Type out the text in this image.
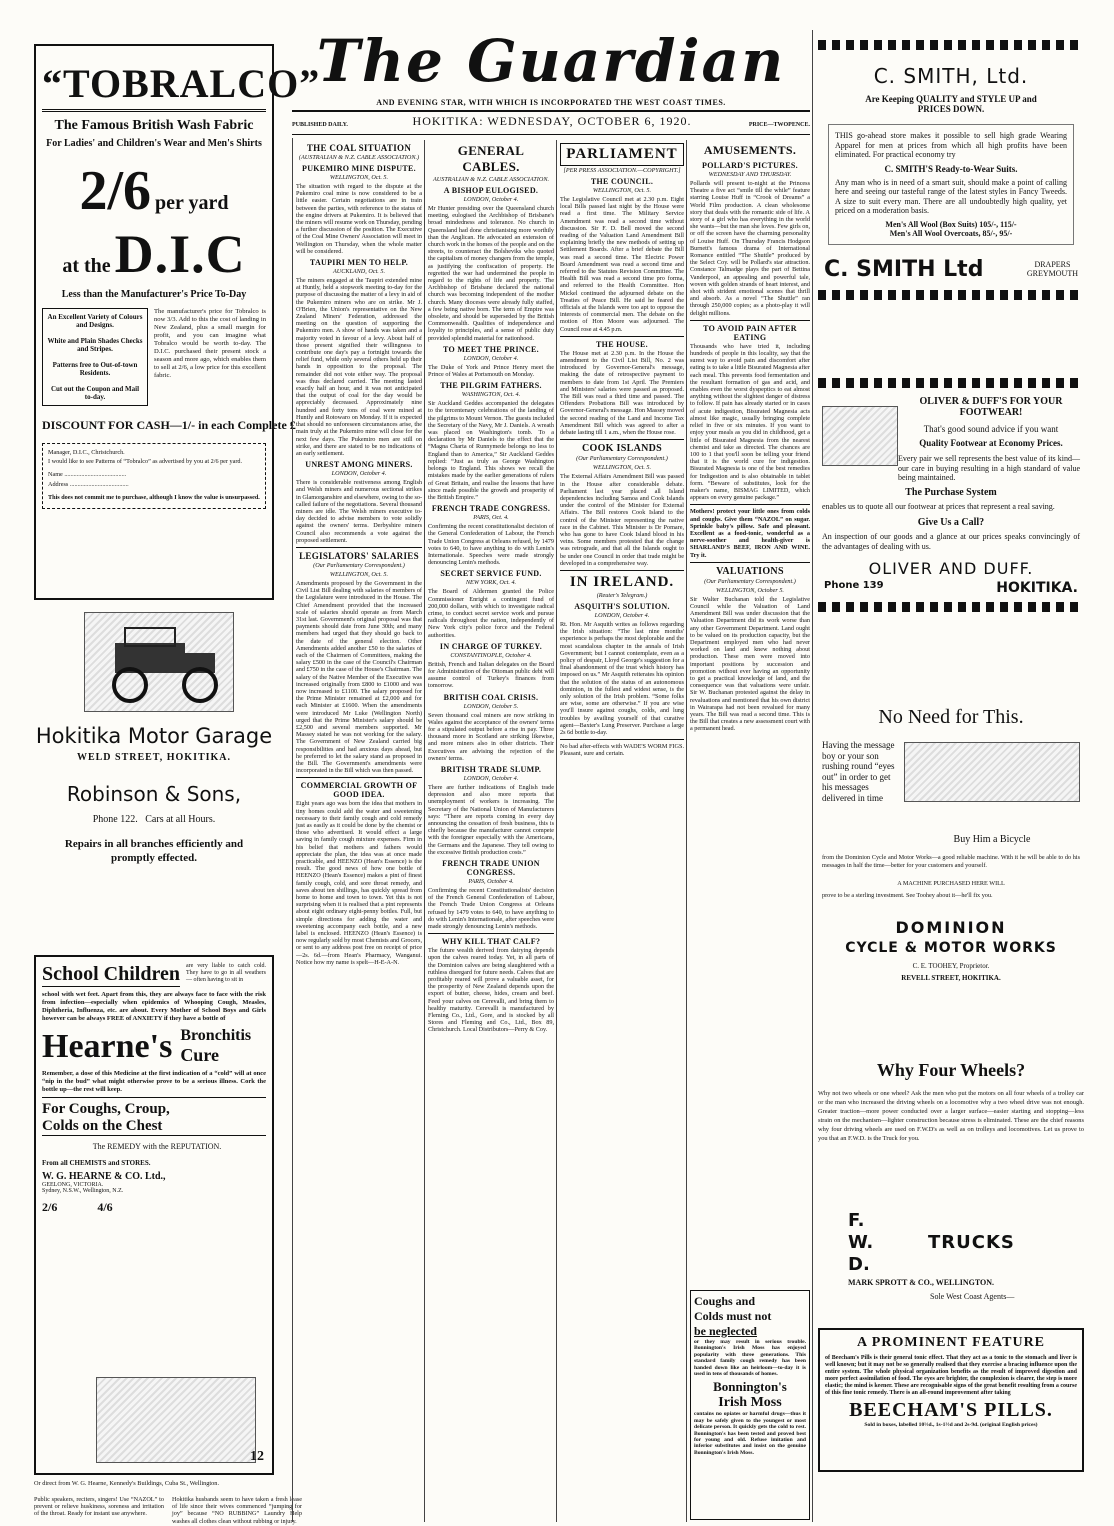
The Guardian
AND EVENING STAR, WITH WHICH IS INCORPORATED THE WEST COAST TIMES.
PUBLISHED DAILY.	HOKITIKA: WEDNESDAY, OCTOBER 6, 1920.	PRICE—TWOPENCE.
“TOBRALCO”
The Famous British Wash Fabric
For Ladies' and Children's Wear and Men's Shirts
2/6 per yard
at the D.I.C
Less than the Manufacturer's Price To-Day
An Excellent Variety of Colours and Designs.
White and Plain Shades Checks and Stripes.
Patterns free to Out-of-town Residents.
Cut out the Coupon and Mail to-day.
The manufacturer's price for Tobralco is now 3/3. Add to this the cost of landing in New Zealand, plus a small margin for profit, and you can imagine what Tobralco would be worth to-day. The D.I.C. purchased their present stock a season and more ago, which enables them to sell at 2/6, a low price for this excellent fabric.
DISCOUNT FOR CASH—1/- in each Complete £
Manager, D.I.C., Christchurch.
I would like to see Patterns of “Tobralco” as advertised by you at 2/6 per yard.
Name ........................................
Address ......................................
This does not commit me to purchase, although I know the value is unsurpassed.
Hokitika Motor Garage
WELD STREET, HOKITIKA.
Robinson & Sons,
Phone 122. Cars at all Hours.
Repairs in all branches efficiently and promptly effected.
School Children are very liable to catch cold. They have to go in all weathers— often having to sit in
school with wet feet. Apart from this, they are always face to face with the risk from infection—especially when epidemics of Whooping Cough, Measles, Diphtheria, Influenza, etc. are about. Every Mother of School Boys and Girls however can be always FREE of ANXIETY if they have a bottle of
Hearne's Bronchitis
Cure
Remember, a dose of this Medicine at the first indication of a “cold” will at once “nip in the bud” what might otherwise prove to be a serious illness. Cork the bottle up—the rest will keep.
For Coughs, Croup,
Colds on the Chest
The REMEDY with the REPUTATION.
From all CHEMISTS and STORES.
W. G. HEARNE & CO. Ltd.,
GEELONG, VICTORIA.
Sydney, N.S.W., Wellington, N.Z.
2/6	4/6
12
Or direct from W. G. Hearne, Kennedy's Buildings, Cuba St., Wellington.
Public speakers, reciters, singers! Use “NAZOL” to prevent or relieve huskiness, soreness and irritation of the throat. Ready for instant use anywhere.
Hokitika husbands seem to have taken a fresh lease of life since their wives commenced “jumping for joy” because “NO RUBBING” Laundry Help washes all clothes clean without rubbing or injury.
THE COAL SITUATION
(AUSTRALIAN & N.Z. CABLE ASSOCIATION.)
PUKEMIRO MINE DISPUTE.
WELLINGTON, Oct. 5.

The situation with regard to the dispute at the Pukemiro coal mine is now considered to be a little easier. Certain negotiations are in train between the parties, with reference to the status of the engine drivers at Pukemiro. It is believed that the miners will resume work on Thursday, pending a further discussion of the position. The Executive of the Coal Mine Owners' Association will meet in Wellington on Thursday, when the whole matter will be considered.

TAUPIRI MEN TO HELP.
AUCKLAND, Oct. 5.

The miners engaged at the Taupiri extended mine at Huntly, held a stopwork meeting to-day for the purpose of discussing the matter of a levy in aid of the Pukemiro miners who are on strike. Mr J. O'Brien, the Union's representative on the New Zealand Miners' Federation, addressed the meeting on the question of supporting the Pukemiro men. A show of hands was taken and a majority voted in favour of a levy. About half of those present signified their willingness to contribute one day's pay a fortnight towards the relief fund, while only several others held up their hands in opposition to the proposal. The remainder did not vote either way. The proposal was thus declared carried. The meeting lasted exactly half an hour, and it was not anticipated that the output of coal for the day would be appreciably decreased. Approximately nine hundred and forty tons of coal were mined at Huntly and Rotowaro on Monday. If it is expected that should no unforeseen circumstances arise, the main truly at the Pukemiro mine will close for the next few days. The Pukemiro men are still on strike, and there are stated to be no indications of an early settlement.

UNREST AMONG MINERS.
LONDON, October 4.

There is considerable restiveness among English and Welsh miners and numerous sectional strikes in Glamorganshire and elsewhere, owing to the so-called failure of the negotiations. Several thousand miners are idle. The Welsh miners executive to-day decided to advise members to vote solidly against the owners' terms. Derbyshire miners Council also recommends a vote against the proposed settlement.

LEGISLATORS' SALARIES
(Our Parliamentary Correspondent.)
WELLINGTON, Oct. 5.

Amendments proposed by the Government in the Civil List Bill dealing with salaries of members of the Legislature were introduced in the House. The Chief Amendment provided that the increased scale of salaries should operate as from March 31st last. Government's original proposal was that payments should date from June 30th; and many members had urged that they should go back to the date of the general election. Other Amendments added another £50 to the salaries of each of the Chairmen of Committees, making the salary £500 in the case of the Council's Chairman and £750 in the case of the House's Chairman. The salary of the Native Member of the Executive was increased originally from £800 to £1000 and was now increased to £1100. The salary proposed for the Prime Minister remained at £2,000 and for each Minister at £1600. When the amendments were introduced Mr Luke (Wellington North) urged that the Prime Minister's salary should be £2,500 and several members supported. Mr Massey stated he was not working for the salary. The Government of New Zealand carried big responsibilities and had anxious days ahead, but he preferred to let the salary stand as proposed in the Bill. The Government's amendments were incorporated in the Bill which was then passed.

COMMERCIAL GROWTH OF GOOD IDEA.

Eight years ago was born the idea that mothers in tiny homes could add the water and sweetening necessary to their family cough and cold remedy just as easily as it could be done by the chemist or those who advertised. It would effect a large saving in family cough mixture expenses. Firm in his belief that mothers and fathers would appreciate the plan, the idea was at once made practicable, and HEENZO (Hean's Essence) is the result. The good news of how one bottle of HEENZO (Hean's Essence) makes a pint of finest family cough, cold, and sore throat remedy, and saves about ten shillings, has quickly spread from home to home and town to town. Yet this is not surprising when it is realised that a pint represents about eight ordinary eight-penny bottles. Full, but simple directions for adding the water and sweetening accompany each bottle, and a new label is enclosed. HEENZO (Hean's Essence) is now regularly sold by most Chemists and Grocers, or sent to any address post free on receipt of price—2s. 6d.—from Hean's Pharmacy, Wanganui. Notice how my name is spelt—H-E-A-N.

GENERAL CABLES.
AUSTRALIAN & N.Z. CABLE ASSOCIATION.
A BISHOP EULOGISED.
LONDON, October 4.

Mr Hunter presiding over the Queensland church meeting, eulogised the Archbishop of Brisbane's broad mindedness and tolerance. No church in Queensland had done christianising more worthily than the Anglican. He advocated an extension of church work in the homes of the people and on the streets, to counteract the Bolsheviks who quoted the capitalism of money changers from the temple, as justifying the confiscation of property. He regretted the war had undermined the people in regard to the rights of life and property. The Archbishop of Brisbane declared the national church was becoming independent of the mother church. Many dioceses were already fully staffed, a few being native born. The term of Empire was obsolete, and should be superseded by the British Commonwealth. Qualities of independence and loyalty to principles, and a sense of public duty provided splendid material for nationhood.

TO MEET THE PRINCE.
LONDON, October 4.

The Duke of York and Prince Henry meet the Prince of Wales at Portsmouth on Monday.

THE PILGRIM FATHERS.
WASHINGTON, Oct. 4.

Sir Auckland Geddes accompanied the delegates to the tercentenary celebrations of the landing of the pilgrims to Mount Vernon. The guests included the Secretary of the Navy, Mr J. Daniels. A wreath was placed on Washington's tomb. To a declaration by Mr Daniels to the effect that the “Magna Charta of Runnymede belongs no less to England than to America,” Sir Auckland Geddes replied: “Just as truly as George Washington belongs to England. This shows we recall the mistakes made by the earlier generations of rulers of Great Britain, and realise the lessons that have since made possible the growth and prosperity of the British Empire.”

FRENCH TRADE CONGRESS.
PARIS, Oct. 4.

Confirming the recent constitutionalist decision of the General Confederation of Labour, the French Trade Union Congress at Orleans refused, by 1479 votes to 640, to have anything to do with Lenin's Internationale. Speeches were made strongly denouncing Lenin's methods.

SECRET SERVICE FUND.
NEW YORK, Oct. 4.

The Board of Aldermen granted the Police Commissioner Enright a contingent fund of 200,000 dollars, with which to investigate radical crime, to conduct secret service work and pursue radicals throughout the nation, independently of New York city's police force and the Federal authorities.

IN CHARGE OF TURKEY.
CONSTANTINOPLE, October 4.

British, French and Italian delegates on the Board for Administration of the Ottoman public debt will assume control of Turkey's finances from tomorrow.

BRITISH COAL CRISIS.
LONDON, October 5.

Seven thousand coal miners are now striking in Wales against the acceptance of the owners' terms for a stipulated output before a rise in pay. Three thousand more in Scotland are striking likewise, and more miners also in other districts. Their Executives are advising the rejection of the owners' terms.

BRITISH TRADE SLUMP.
LONDON, October 4.

There are further indications of English trade depression and also more reports that unemployment of workers is increasing. The Secretary of the National Union of Manufacturers says: “There are reports coming in every day announcing the cessation of fresh business, this is chiefly because the manufacturer cannot compete with the foreigner especially with the Americans, the Germans and the Japanese. They tell owing to the excessive British production costs.”

FRENCH TRADE UNION CONGRESS.
PARIS, October 4.

Confirming the recent Constitutionalists' decision of the French General Confederation of Labour, the French Trade Union Congress at Orleans refused by 1479 votes to 640, to have anything to do with Lenin's Internationale, after speeches were made strongly denouncing Lenin's methods.

WHY KILL THAT CALF?

The future wealth derived from dairying depends upon the calves reared today. Yet, in all parts of the Dominion calves are being slaughtered with a ruthless disregard for future needs. Calves that are profitably reared will prove a valuable asset, for the prosperity of New Zealand depends upon the export of butter, cheese, hides, cream and beef. Feed your calves on Cerevalli, and bring them to healthy maturity. Cerevalli is manufactured by Fleming Co., Ltd., Gore, and is stocked by all Stores and Fleming and Co., Ltd., Box 89, Christchurch. Local Distributors—Perry & Coy.

PARLIAMENT
[PER PRESS ASSOCIATION.—COPYRIGHT.]
THE COUNCIL.
WELLINGTON, Oct. 5.

The Legislative Council met at 2.30 p.m. Eight local Bills passed last night by the House were read a first time. The Military Service Amendment was read a second time without discussion. Sir F. D. Bell moved the second reading of the Valuation Land Amendment Bill explaining briefly the new methods of setting up Settlement Boards. After a brief debate the Bill was read a second time. The Electric Power Board Amendment was read a second time and referred to the Statutes Revision Committee. The Health Bill was read a second time pro forma, and referred to the Health Committee. Hon Mickel continued the adjourned debate on the Treaties of Peace Bill. He said he feared the officials at the Islands were too apt to oppose the interests of commercial men. The debate on the motion of Hon Moore was adjourned. The Council rose at 4.45 p.m.

THE HOUSE.

The House met at 2.30 p.m. In the House the amendment to the Civil List Bill, No. 2 was introduced by Governor-General's message, making the date of retrospective payment to members to date from 1st April. The Premiers and Ministers' salaries were passed as proposed. The Bill was read a third time and passed. The Offenders Probations Bill was introduced by Governor-General's message. Hon Massey moved the second reading of the Land and Income Tax Amendment Bill which was agreed to after a debate lasting till 1 a.m., when the House rose.

COOK ISLANDS
(Our Parliamentary Correspondent.)
WELLINGTON, Oct. 5.

The External Affairs Amendment Bill was passed in the House after considerable debate. Parliament last year placed all Island dependencies including Samoa and Cook Islands under the control of the Minister for External Affairs. The Bill restores Cook Island to the control of the Minister representing the native race in the Cabinet. This Minister is Dr Pomare, who has gone to have Cook Island blood in his veins. Some members protested that the change was retrograde, and that all the Islands ought to be under one Council in order that trade might be developed in a comprehensive way.

IN IRELAND.
(Reuter's Telegram.)
ASQUITH'S SOLUTION.
LONDON, October 4.

Rt. Hon. Mr Asquith writes as follows regarding the Irish situation: “The last nine months' experience is perhaps the most deplorable and the most scandalous chapter in the annals of Irish Government; but I cannot contemplate, even as a policy of despair, Lloyd George's suggestion for a final abandonment of the trust which history has imposed on us.” Mr Asquith reiterates his opinion that the solution of the status of an autonomous dominion, in the fullest and widest sense, is the only solution of the Irish problem. “Some folks are wise, some are otherwise.” If you are wise you'll insure against coughs, colds, and lung troubles by availing yourself of that curative agent—Baxter's Lung Preserver. Purchase a large 2s 6d bottle to-day.

No bad after-effects with WADE'S WORM FIGS. Pleasant, sure and certain.

AMUSEMENTS.
POLLARD'S PICTURES.
WEDNESDAY AND THURSDAY.

Pollards will present to-night at the Princess Theatre a five act “smile till the while” feature starring Louise Huff in “Crook of Dreams” a World Film production. A clean wholesome story that deals with the romantic side of life. A story of a girl who has everything in the world she wants—but the man she loves. Few girls on, or off the screen have the charming personality of Louise Huff. On Thursday Francis Hodgson Burnett's famous drama of International Romance entitled “The Shuttle” produced by the Select Coy. will be Pollard's star attraction. Constance Talmadge plays the part of Bettina Vanderpool, an appealing and powerful tale, woven with golden strands of heart interest, and shot with strident emotional scenes that thrill and absorb. As a novel “The Shuttle” ran through 250,000 copies; as a photo-play it will delight millions.

TO AVOID PAIN AFTER EATING

Thousands who have tried it, including hundreds of people in this locality, say that the surest way to avoid pain and discomfort after eating is to take a little Bisurated Magnesia after each meal. This prevents food fermentation and the resultant formation of gas and acid, and enables even the worst dyspeptics to eat almost anything without the slightest danger of distress to follow. If pain has already started or in cases of acute indigestion, Bisurated Magnesia acts almost like magic, usually bringing complete relief in five or six minutes. If you want to enjoy your meals as you did in childhood, get a little of Bisurated Magnesia from the nearest chemist and take as directed. The chances are 100 to 1 that you'll soon be telling your friend that it is the world cure for indigestion. Bisurated Magnesia is one of the best remedies for Indigestion and is also obtainable in tablet form. “Beware of substitutes, look for the maker's name, BISMAG LIMITED, which appears on every genuine package.”

Mothers! protect your little ones from colds and coughs. Give them “NAZOL” on sugar. Sprinkle baby's pillow. Safe and pleasant. Excellent as a food-tonic, wonderful as a nerve-soother and health-giver is SHARLAND'S BEEF, IRON AND WINE. Try it.

VALUATIONS
(Our Parliamentary Correspondent.)
WELLINGTON, October 5.

Sir Walter Buchanan told the Legislative Council while the Valuation of Land Amendment Bill was under discussion that the Valuation Department did its work worse than any other Government Department. Land ought to be valued on its production capacity, but the Department employed men who had never worked on land and knew nothing about production. These men were moved into important positions by succession and promotion without ever having an opportunity to get a practical knowledge of land, and the consequence was that valuations were unfair. Sir W. Buchanan protested against the delay in revaluations and mentioned that his own district in Wairarapa had not been revalued for many years. The Bill was read a second time. This is the Bill that creates a new assessment court with a permanent head.

Coughs and
Colds must not
be neglected

or they may result in serious trouble. Bonnington's Irish Moss has enjoyed popularity with three generations. This standard family cough remedy has been handed down like an heirloom—to-day it is used in tens of thousands of homes.

Bonnington's
Irish Moss

contains no opiates or harmful drugs—thus it may be safely given to the youngest or most delicate person. It quickly gets the cold to rest. Bonnington's has been tested and proved best for young and old. Refuse imitation and inferior substitutes and insist on the genuine Bonnington's Irish Moss.

C. SMITH, Ltd.
Are Keeping QUALITY and STYLE UP and PRICES DOWN.

THIS go-ahead store makes it possible to sell high grade Wearing Apparel for men at prices from which all high profits have been eliminated. For practical economy try

C. SMITH'S Ready-to-Wear Suits.

Any man who is in need of a smart suit, should make a point of calling here and seeing our tasteful range of the latest styles in Fancy Tweeds. A size to suit every man. There are all undoubtedly high quality, yet priced on a moderation basis.

Men's All Wool (Box Suits) 105/-, 115/-
Men's All Wool Overcoats, 85/-, 95/-
C. SMITH Ltd	DRAPERS
GREYMOUTH
OLIVER & DUFF'S FOR YOUR FOOTWEAR!
That's good sound advice if you want
Quality Footwear at Economy Prices.

Every pair we sell represents the best value of its kind—our care in buying resulting in a high standard of value being maintained.

The Purchase System

enables us to quote all our footwear at prices that represent a real saving.

Give Us a Call?

An inspection of our goods and a glance at our prices speaks convincingly of the advantages of dealing with us.

OLIVER AND DUFF.
Phone 139	HOKITIKA.
No Need for This.
Having the message boy or your son rushing round “eyes out” in order to get his messages delivered in time
Buy Him a Bicycle

from the Dominion Cycle and Motor Works—a good reliable machine. With it he will be able to do his messages in half the time—better for your customers and yourself.

A MACHINE PURCHASED HERE WILL

prove to be a sterling investment. See Toohey about it—he'll fix you.

DOMINION
CYCLE & MOTOR WORKS
C. E. TOOHEY, Proprietor.
REVELL STREET, HOKITIKA.
Why Four Wheels?

Why not two wheels or one wheel? Ask the men who put the motors on all four wheels of a trolley car or the man who increased the driving wheels on a locomotive why a two wheel drive was not enough. Greater traction—more power conducted over a larger surface—easier starting and stopping—less strain on the mechanism—lighter construction because stress is eliminated. These are the chief reasons why four driving wheels are used on F.W.D's as well as on trolleys and locomotives. Let us prove to you that an F.W.D. is the Truck for you.

F.
W.
D.
TRUCKS
MARK SPROTT & CO., WELLINGTON.
Sole West Coast Agents—
A PROMINENT FEATURE

of Beecham's Pills is their general tonic effect. That they act as a tonic to the stomach and liver is well known; but it may not be so generally realised that they exercise a bracing influence upon the entire system. The whole physical organization benefits as the result of improved digestion and more perfect assimilation of food. The eyes are brighter, the complexion is clearer, the step is more elastic; the mind is keener. These are recognisable signs of the great benefit resulting from a course of this fine tonic remedy. There is an all-round improvement after taking

BEECHAM'S PILLS.
Sold in boxes, labelled 10½d., 1s-1½d and 2s-9d. (original English prices)
